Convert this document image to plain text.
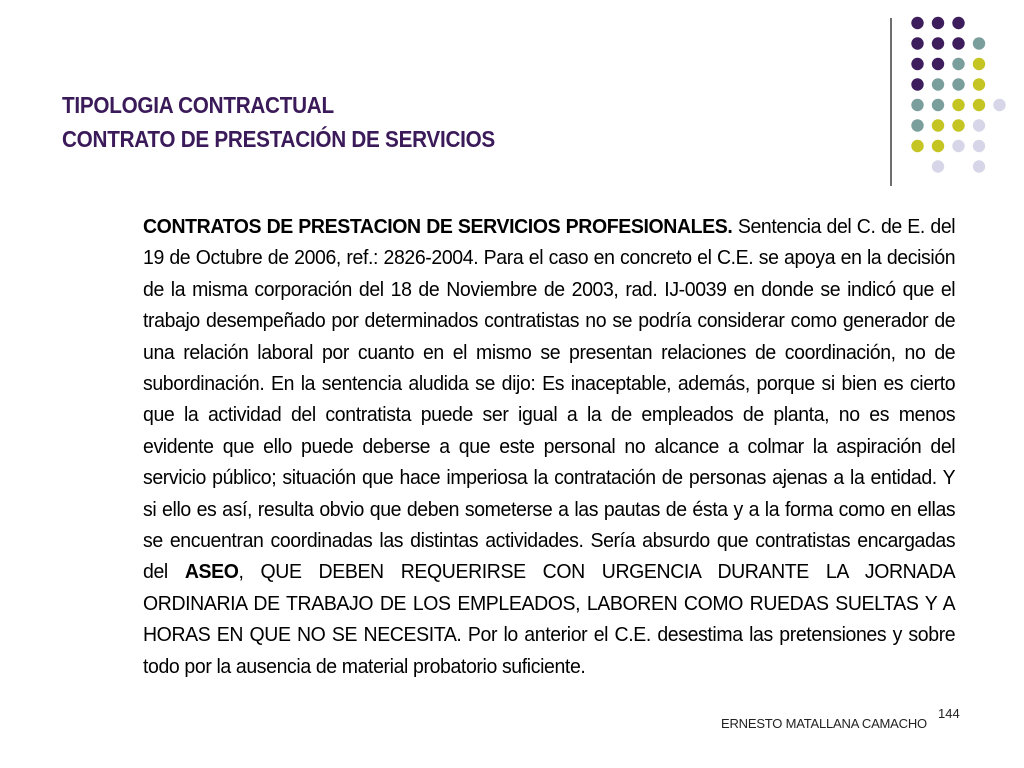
TIPOLOGIA CONTRACTUAL
CONTRATO DE PRESTACIÓN DE SERVICIOS
CONTRATOS DE PRESTACION DE SERVICIOS PROFESIONALES. Sentencia del C. de E. del 19 de Octubre de 2006, ref.: 2826-2004. Para el caso en concreto el C.E. se apoya en la decisión de la misma corporación del 18 de Noviembre de 2003, rad. IJ-0039 en donde se indicó que el trabajo desempeñado por determinados contratistas no se podría considerar como generador de una relación laboral por cuanto en el mismo se presentan relaciones de coordinación, no de subordinación. En la sentencia aludida se dijo: Es inaceptable, además, porque si bien es cierto que la actividad del contratista puede ser igual a la de empleados de planta, no es menos evidente que ello puede deberse a que este personal no alcance a colmar la aspiración del servicio público; situación que hace imperiosa la contratación de personas ajenas a la entidad. Y si ello es así, resulta obvio que deben someterse a las pautas de ésta y a la forma como en ellas se encuentran coordinadas las distintas actividades. Sería absurdo que contratistas encargadas del ASEO, QUE DEBEN REQUERIRSE CON URGENCIA DURANTE LA JORNADA ORDINARIA DE TRABAJO DE LOS EMPLEADOS, LABOREN COMO RUEDAS SUELTAS Y A HORAS EN QUE NO SE NECESITA. Por lo anterior el C.E. desestima las pretensiones y sobre todo por la ausencia de material probatorio suficiente.
ERNESTO MATALLANA CAMACHO
144
